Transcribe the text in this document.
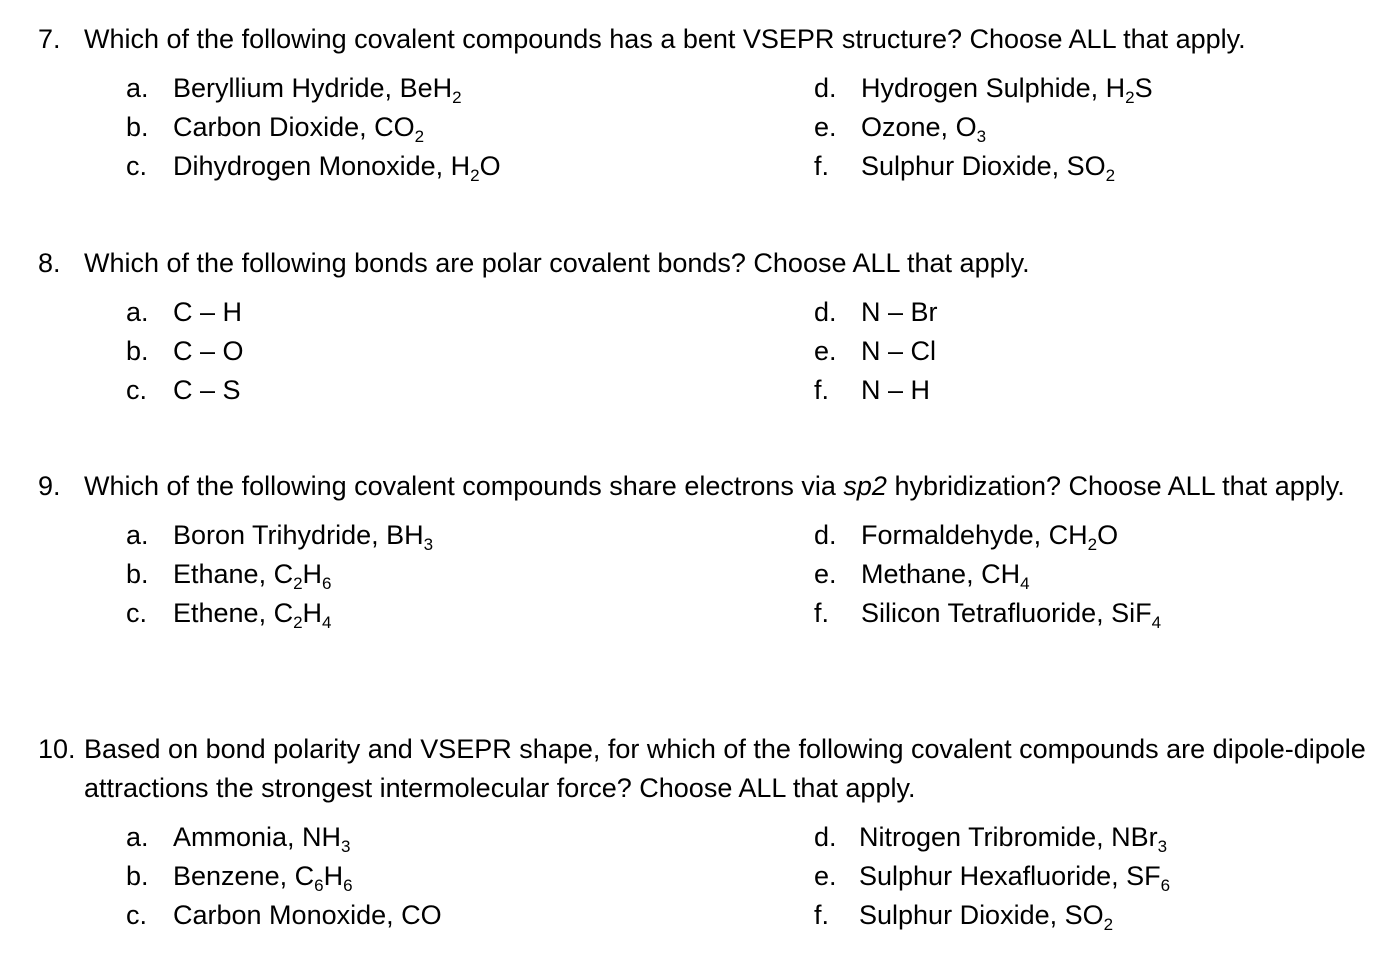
7. Which of the following covalent compounds has a bent VSEPR structure? Choose ALL that apply.
a. Beryllium Hydride, BeH$_2$
b. Carbon Dioxide, $CO_2$
c. Dihydrogen Monoxide, $H_2O$
d. Hydrogen Sulphide, $H_2S$
e. Ozone, $O_3$
f. Sulphur Dioxide, $SO_2$
8. Which of the following bonds are polar covalent bonds? Choose ALL that apply.
a. C – H
b. C – O
c. C – S
d. N – Br
e. N – Cl
f. N – H
9. Which of the following covalent compounds share electrons via sp2 hybridization? Choose ALL that apply.
a. Boron Trihydride, $BH_3$
b. Ethane, $C_2H_6$
c. Ethene, $C_2H_4$
d. Formaldehyde, $CH_2O$
e. Methane, $CH_4$
f. Silicon Tetrafluoride, SiF$_4$
10. Based on bond polarity and VSEPR shape, for which of the following covalent compounds are dipole-dipole attractions the strongest intermolecular force? Choose ALL that apply.
a. Ammonia, $NH_3$
b. Benzene, $C_6H_6$
c. Carbon Monoxide, CO
d. Nitrogen Tribromide, NBr$_3$
e. Sulphur Hexafluoride, $SF_6$
f. Sulphur Dioxide, $SO_2$
